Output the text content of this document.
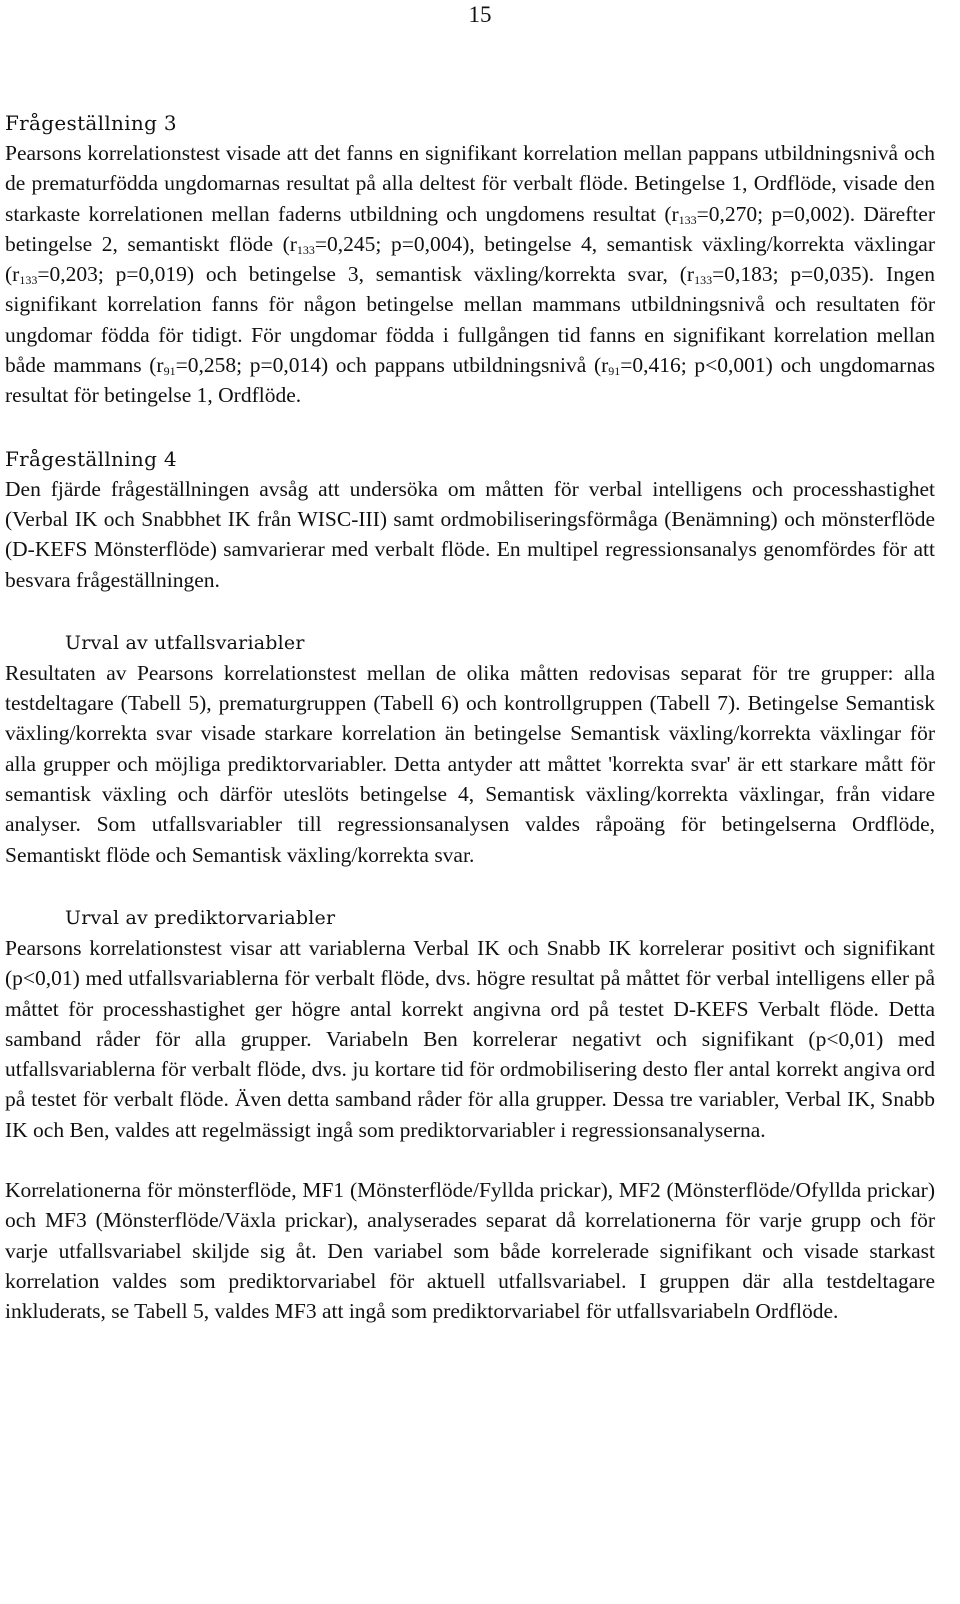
15

Frågeställning 3

Pearsons korrelationstest visade att det fanns en signifikant korrelation mellan pappans utbildningsnivå och de prematurfödda ungdomarnas resultat på alla deltest för verbalt flöde. Betingelse 1, Ordflöde, visade den starkaste korrelationen mellan faderns utbildning och ungdomens resultat ($r_{133}=0,270$; p=0,002). Därefter betingelse 2, semantiskt flöde ($r_{133}=0,245$; p=0,004), betingelse 4, semantisk växling/korrekta växlingar ($r_{133}=0,203$; p=0,019) och betingelse 3, semantisk växling/korrekta svar, ($r_{133}=0,183$; p=0,035). Ingen signifikant korrelation fanns för någon betingelse mellan mammans utbildningsnivå och resultaten för ungdomar födda för tidigt. För ungdomar födda i fullgången tid fanns en signifikant korrelation mellan både mammans ($r_{91}=0,258$; p=0,014) och pappans utbildningsnivå ($r_{91}=0,416$; p<0,001) och ungdomarnas resultat för betingelse 1, Ordflöde.

Frågeställning 4

Den fjärde frågeställningen avsåg att undersöka om måtten för verbal intelligens och processhastighet (Verbal IK och Snabbhet IK från WISC-III) samt ordmobiliseringsförmåga (Benämning) och mönsterflöde (D-KEFS Mönsterflöde) samvarierar med verbalt flöde. En multipel regressionsanalys genomfördes för att besvara frågeställningen.

Urval av utfallsvariabler

Resultaten av Pearsons korrelationstest mellan de olika måtten redovisas separat för tre grupper: alla testdeltagare (Tabell 5), prematurgruppen (Tabell 6) och kontrollgruppen (Tabell 7). Betingelse Semantisk växling/korrekta svar visade starkare korrelation än betingelse Semantisk växling/korrekta växlingar för alla grupper och möjliga prediktorvariabler. Detta antyder att måttet 'korrekta svar' är ett starkare mått för semantisk växling och därför uteslöts betingelse 4, Semantisk växling/korrekta växlingar, från vidare analyser. Som utfallsvariabler till regressionsanalysen valdes råpoäng för betingelserna Ordflöde, Semantiskt flöde och Semantisk växling/korrekta svar.

Urval av prediktorvariabler

Pearsons korrelationstest visar att variablerna Verbal IK och Snabb IK korrelerar positivt och signifikant (p<0,01) med utfallsvariablerna för verbalt flöde, dvs. högre resultat på måttet för verbal intelligens eller på måttet för processhastighet ger högre antal korrekt angivna ord på testet D-KEFS Verbalt flöde. Detta samband råder för alla grupper. Variabeln Ben korrelerar negativt och signifikant (p<0,01) med utfallsvariablerna för verbalt flöde, dvs. ju kortare tid för ordmobilisering desto fler antal korrekt angiva ord på testet för verbalt flöde. Även detta samband råder för alla grupper. Dessa tre variabler, Verbal IK, Snabb IK och Ben, valdes att regelmässigt ingå som prediktorvariabler i regressionsanalyserna.

Korrelationerna för mönsterflöde, MF1 (Mönsterflöde/Fyllda prickar), MF2 (Mönsterflöde/Ofyllda prickar) och MF3 (Mönsterflöde/Växla prickar), analyserades separat då korrelationerna för varje grupp och för varje utfallsvariabel skiljde sig åt. Den variabel som både korrelerade signifikant och visade starkast korrelation valdes som prediktorvariabel för aktuell utfallsvariabel. I gruppen där alla testdeltagare inkluderats, se Tabell 5, valdes MF3 att ingå som prediktorvariabel för utfallsvariabeln Ordflöde.
